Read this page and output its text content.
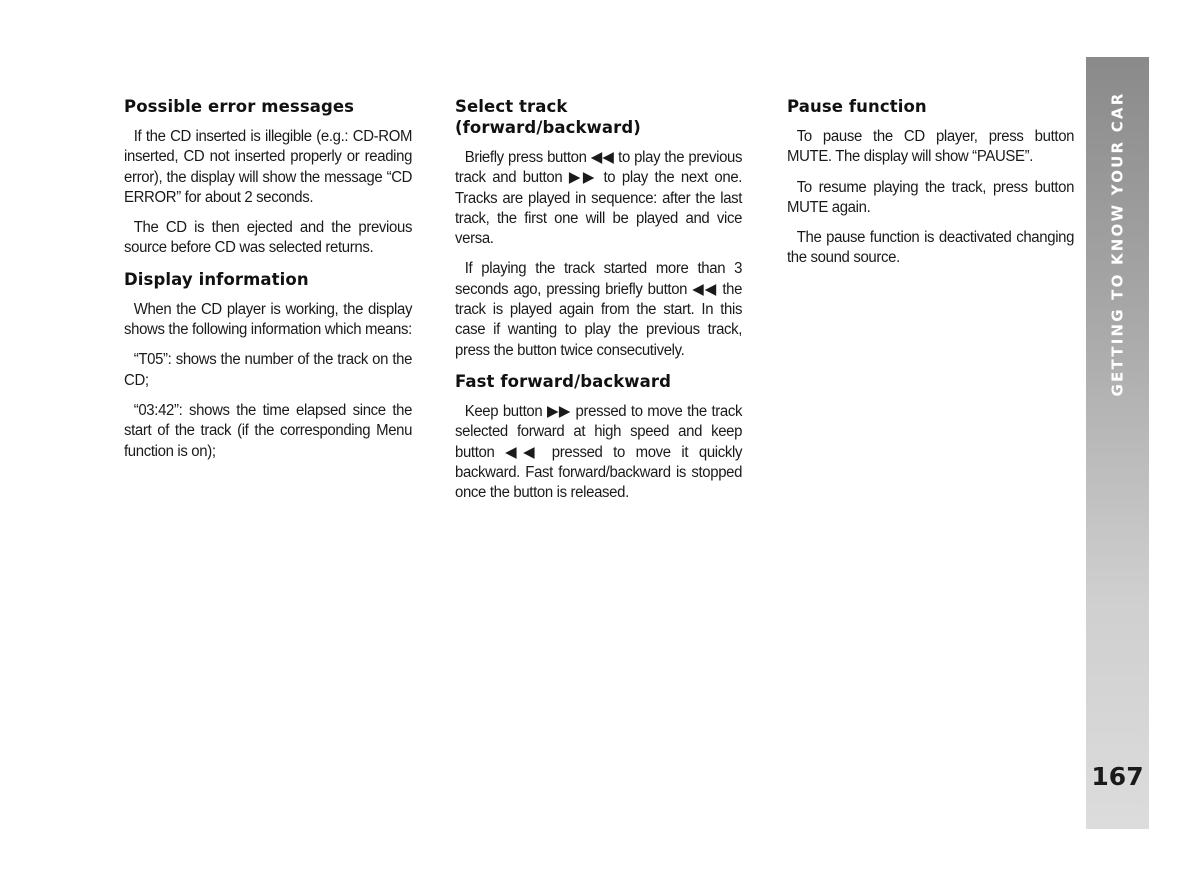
Possible error messages

If the CD inserted is illegible (e.g.: CD-ROM inserted, CD not inserted properly or reading error), the display will show the message “CD ERROR” for about 2 seconds.

The CD is then ejected and the previous source before CD was selected returns.

Display information

When the CD player is working, the display shows the following information which means:

“T05”: shows the number of the track on the CD;

“03:42”: shows the time elapsed since the start of the track (if the corresponding Menu function is on);

Select track (forward/backward)

Briefly press button ◀◀ to play the previous track and button ▶▶ to play the next one. Tracks are played in sequence: after the last track, the first one will be played and vice versa.

If playing the track started more than 3 seconds ago, pressing briefly button ◀◀ the track is played again from the start. In this case if wanting to play the previous track, press the button twice consecutively.

Fast forward/backward

Keep button ▶▶ pressed to move the track selected forward at high speed and keep button ◀◀ pressed to move it quickly backward. Fast forward/backward is stopped once the button is released.

Pause function

To pause the CD player, press button MUTE. The display will show “PAUSE”.

To resume playing the track, press button MUTE again.

The pause function is deactivated changing the sound source.	GETTING TO KNOW YOUR CAR
167
